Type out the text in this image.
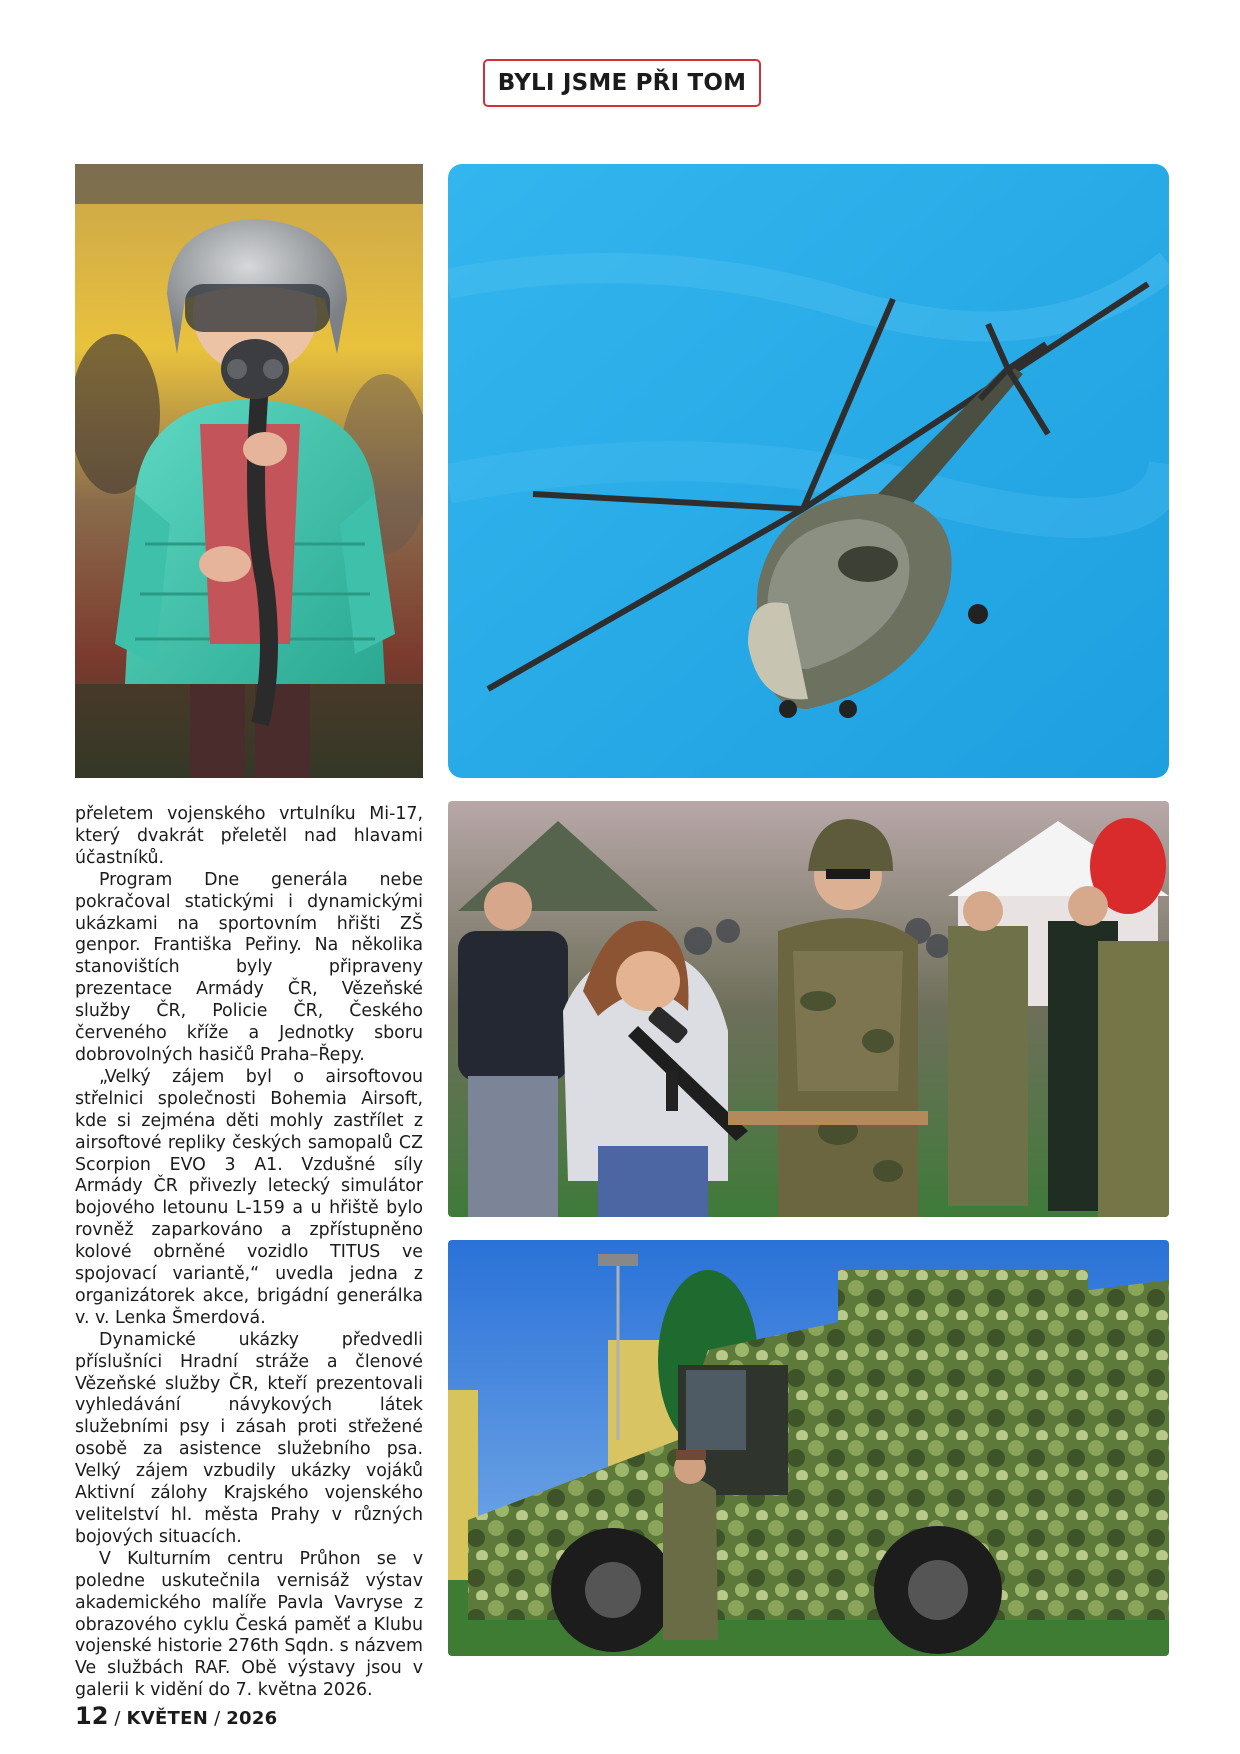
BYLI JSME PŘI TOM

přeletem vojenského vrtulníku Mi-17, který dvakrát přeletěl nad hlavami účastníků.

Program Dne generála nebe pokračoval statickými i dynamickými ukázkami na sportovním hřišti ZŠ genpor. Františka Peřiny. Na několika stanovištích byly připraveny prezentace Armády ČR, Vězeňské služby ČR, Policie ČR, Českého červeného kříže a Jednotky sboru dobrovolných hasičů Praha–Řepy.

„Velký zájem byl o airsoftovou střelnici společnosti Bohemia Airsoft, kde si zejména děti mohly zastřílet z airsoftové repliky českých samopalů CZ Scorpion EVO 3 A1. Vzdušné síly Armády ČR přivezly letecký simulátor bojového letounu L-159 a u hřiště bylo rovněž zaparkováno a zpřístupněno kolové obrněné vozidlo TITUS ve spojovací variantě,“ uvedla jedna z organizátorek akce, brigádní generálka v. v. Lenka Šmerdová.

Dynamické ukázky předvedli příslušníci Hradní stráže a členové Vězeňské služby ČR, kteří prezentovali vyhledávání návykových látek služebními psy i zásah proti střežené osobě za asistence služebního psa. Velký zájem vzbudily ukázky vojáků Aktivní zálohy Krajského vojenského velitelství hl. města Prahy v různých bojových situacích.

V Kulturním centru Průhon se v poledne uskutečnila vernisáž výstav akademického malíře Pavla Vavryse z obrazového cyklu Česká paměť a Klubu vojenské historie 276th Sqdn. s názvem Ve službách RAF. Obě výstavy jsou v galerii k vidění do 7. května 2026.

12 / KVĚTEN / 2026
